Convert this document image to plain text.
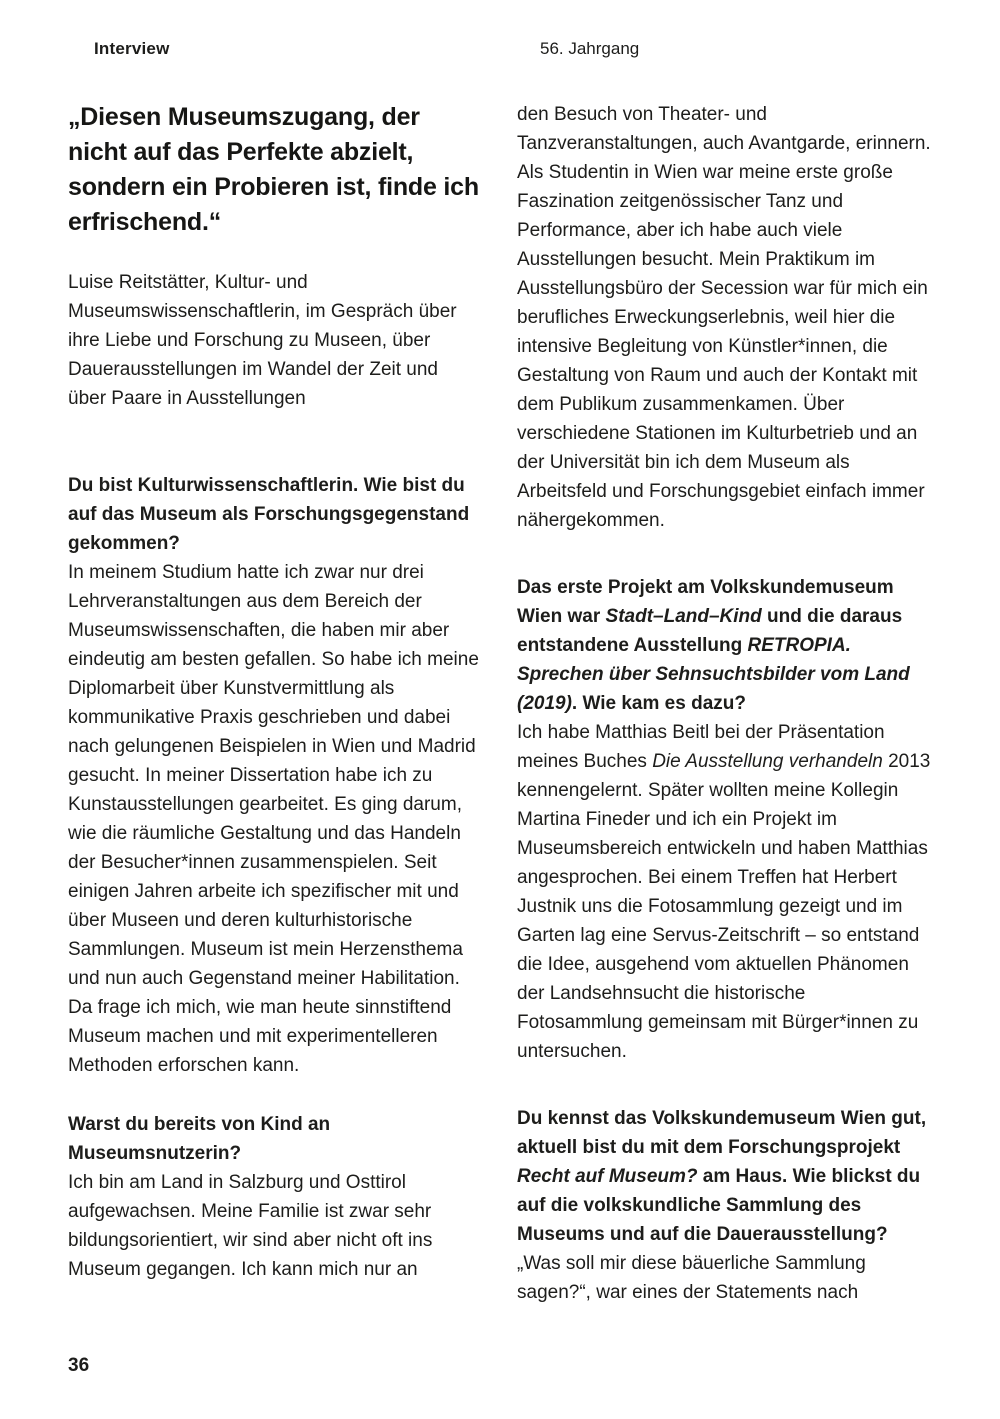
Interview	56. Jahrgang
„Diesen Museumszugang, der nicht auf das Perfekte abzielt, sondern ein Probieren ist, finde ich erfrischend.“

Luise Reitstätter, Kultur- und Museumswissenschaftlerin, im Gespräch über ihre Liebe und Forschung zu Museen, über Dauerausstellungen im Wandel der Zeit und über Paare in Ausstellungen

Du bist Kulturwissenschaftlerin. Wie bist du auf das Museum als Forschungsgegenstand gekommen?

In meinem Studium hatte ich zwar nur drei Lehrveranstaltungen aus dem Bereich der Museumswissenschaften, die haben mir aber eindeutig am besten gefallen. So habe ich meine Diplomarbeit über Kunstvermittlung als kommunikative Praxis geschrieben und dabei nach gelungenen Beispielen in Wien und Madrid gesucht. In meiner Dissertation habe ich zu Kunstausstellungen gearbeitet. Es ging darum, wie die räumliche Gestaltung und das Handeln der Besucher*innen zusammenspielen. Seit einigen Jahren arbeite ich spezifischer mit und über Museen und deren kulturhistorische Sammlungen. Museum ist mein Herzensthema und nun auch Gegenstand meiner Habilitation. Da frage ich mich, wie man heute sinnstiftend Museum machen und mit experimentelleren Methoden erforschen kann.

Warst du bereits von Kind an Museumsnutzerin?

Ich bin am Land in Salzburg und Osttirol aufgewachsen. Meine Familie ist zwar sehr bildungsorientiert, wir sind aber nicht oft ins Museum gegangen. Ich kann mich nur an

den Besuch von Theater- und Tanzveranstaltungen, auch Avantgarde, erinnern. Als Studentin in Wien war meine erste große Faszination zeitgenössischer Tanz und Performance, aber ich habe auch viele Ausstellungen besucht. Mein Praktikum im Ausstellungsbüro der Secession war für mich ein berufliches Erweckungserlebnis, weil hier die intensive Begleitung von Künstler*innen, die Gestaltung von Raum und auch der Kontakt mit dem Publikum zusammenkamen. Über verschiedene Stationen im Kulturbetrieb und an der Universität bin ich dem Museum als Arbeitsfeld und Forschungsgebiet einfach immer nähergekommen.

Das erste Projekt am Volkskundemuseum Wien war Stadt–Land–Kind und die daraus entstandene Ausstellung RETROPIA. Sprechen über Sehnsuchtsbilder vom Land (2019). Wie kam es dazu?

Ich habe Matthias Beitl bei der Präsentation meines Buches Die Ausstellung verhandeln 2013 kennengelernt. Später wollten meine Kollegin Martina Fineder und ich ein Projekt im Museumsbereich entwickeln und haben Matthias angesprochen. Bei einem Treffen hat Herbert Justnik uns die Fotosammlung gezeigt und im Garten lag eine Servus-Zeitschrift – so entstand die Idee, ausgehend vom aktuellen Phänomen der Landsehnsucht die historische Fotosammlung gemeinsam mit Bürger*innen zu untersuchen.

Du kennst das Volkskundemuseum Wien gut, aktuell bist du mit dem Forschungsprojekt Recht auf Museum? am Haus. Wie blickst du auf die volkskundliche Sammlung des Museums und auf die Dauerausstellung?

„Was soll mir diese bäuerliche Sammlung sagen?“, war eines der Statements nach

36
